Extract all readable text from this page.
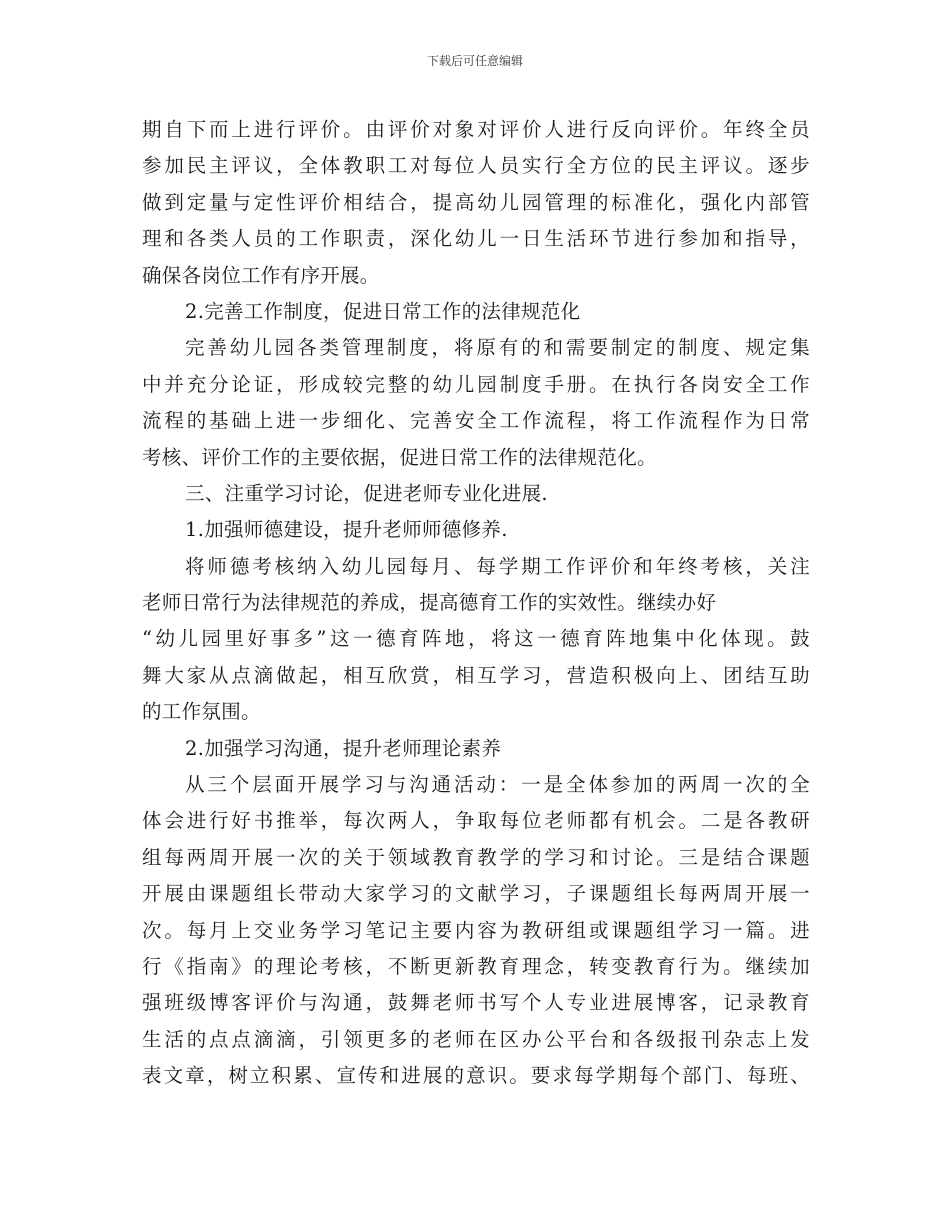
下载后可任意编辑
期自下而上进行评价。由评价对象对评价人进行反向评价。年终全员
参加民主评议，全体教职工对每位人员实行全方位的民主评议。逐步
做到定量与定性评价相结合，提高幼儿园管理的标准化，强化内部管
理和各类人员的工作职责，深化幼儿一日生活环节进行参加和指导，
确保各岗位工作有序开展。
2.完善工作制度，促进日常工作的法律规范化
完善幼儿园各类管理制度，将原有的和需要制定的制度、规定集
中并充分论证，形成较完整的幼儿园制度手册。在执行各岗安全工作
流程的基础上进一步细化、完善安全工作流程，将工作流程作为日常
考核、评价工作的主要依据，促进日常工作的法律规范化。
三、注重学习讨论，促进老师专业化进展.
1.加强师德建设，提升老师师德修养.
将师德考核纳入幼儿园每月、每学期工作评价和年终考核，关注
老师日常行为法律规范的养成，提高德育工作的实效性。继续办好
“幼儿园里好事多”这一德育阵地，将这一德育阵地集中化体现。鼓
舞大家从点滴做起，相互欣赏，相互学习，营造积极向上、团结互助
的工作氛围。
2.加强学习沟通，提升老师理论素养
从三个层面开展学习与沟通活动：一是全体参加的两周一次的全
体会进行好书推举，每次两人，争取每位老师都有机会。二是各教研
组每两周开展一次的关于领域教育教学的学习和讨论。三是结合课题
开展由课题组长带动大家学习的文献学习，子课题组长每两周开展一
次。每月上交业务学习笔记主要内容为教研组或课题组学习一篇。进
行《指南》的理论考核，不断更新教育理念，转变教育行为。继续加
强班级博客评价与沟通，鼓舞老师书写个人专业进展博客，记录教育
生活的点点滴滴，引领更多的老师在区办公平台和各级报刊杂志上发
表文章，树立积累、宣传和进展的意识。要求每学期每个部门、每班、
